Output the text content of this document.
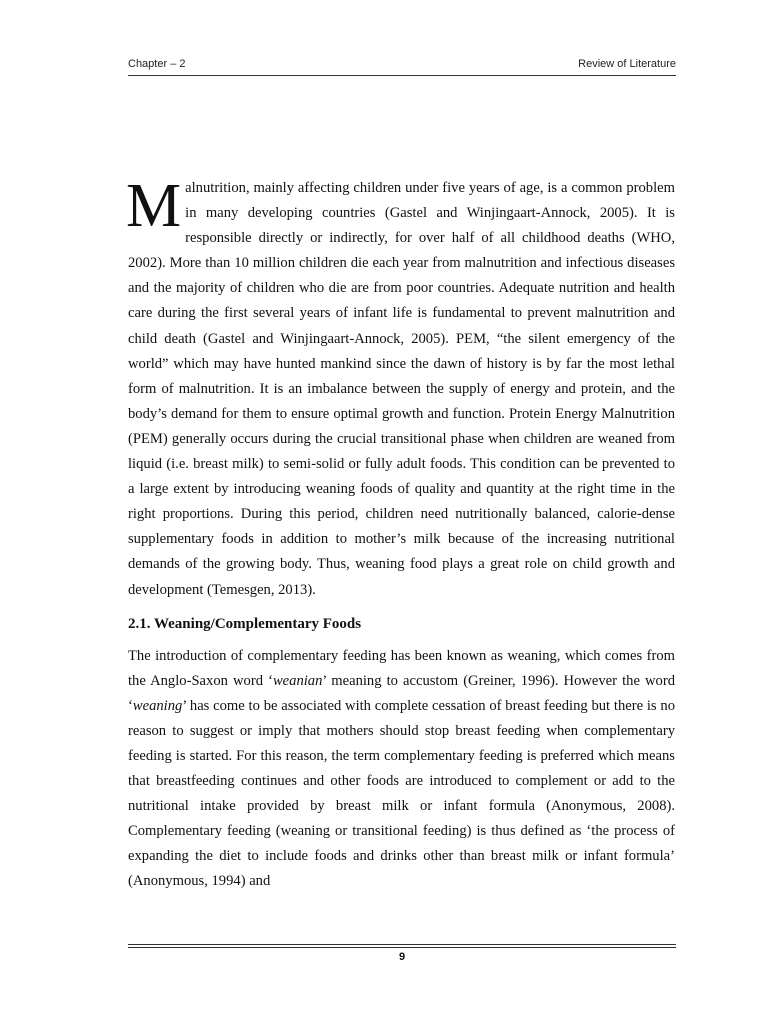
Chapter – 2	Review of Literature

Malnutrition, mainly affecting children under five years of age, is a common problem in many developing countries (Gastel and Winjingaart-Annock, 2005). It is responsible directly or indirectly, for over half of all childhood deaths (WHO, 2002). More than 10 million children die each year from malnutrition and infectious diseases and the majority of children who die are from poor countries. Adequate nutrition and health care during the first several years of infant life is fundamental to prevent malnutrition and child death (Gastel and Winjingaart-Annock, 2005). PEM, “the silent emergency of the world” which may have hunted mankind since the dawn of history is by far the most lethal form of malnutrition. It is an imbalance between the supply of energy and protein, and the body’s demand for them to ensure optimal growth and function. Protein Energy Malnutrition (PEM) generally occurs during the crucial transitional phase when children are weaned from liquid (i.e. breast milk) to semi-solid or fully adult foods. This condition can be prevented to a large extent by introducing weaning foods of quality and quantity at the right time in the right proportions. During this period, children need nutritionally balanced, calorie-dense supplementary foods in addition to mother’s milk because of the increasing nutritional demands of the growing body. Thus, weaning food plays a great role on child growth and development (Temesgen, 2013).

2.1. Weaning/Complementary Foods

The introduction of complementary feeding has been known as weaning, which comes from the Anglo-Saxon word ‘weanian’ meaning to accustom (Greiner, 1996). However the word ‘weaning’ has come to be associated with complete cessation of breast feeding but there is no reason to suggest or imply that mothers should stop breast feeding when complementary feeding is started. For this reason, the term complementary feeding is preferred which means that breastfeeding continues and other foods are introduced to complement or add to the nutritional intake provided by breast milk or infant formula (Anonymous, 2008). Complementary feeding (weaning or transitional feeding) is thus defined as ‘the process of expanding the diet to include foods and drinks other than breast milk or infant formula’ (Anonymous, 1994) and

9
